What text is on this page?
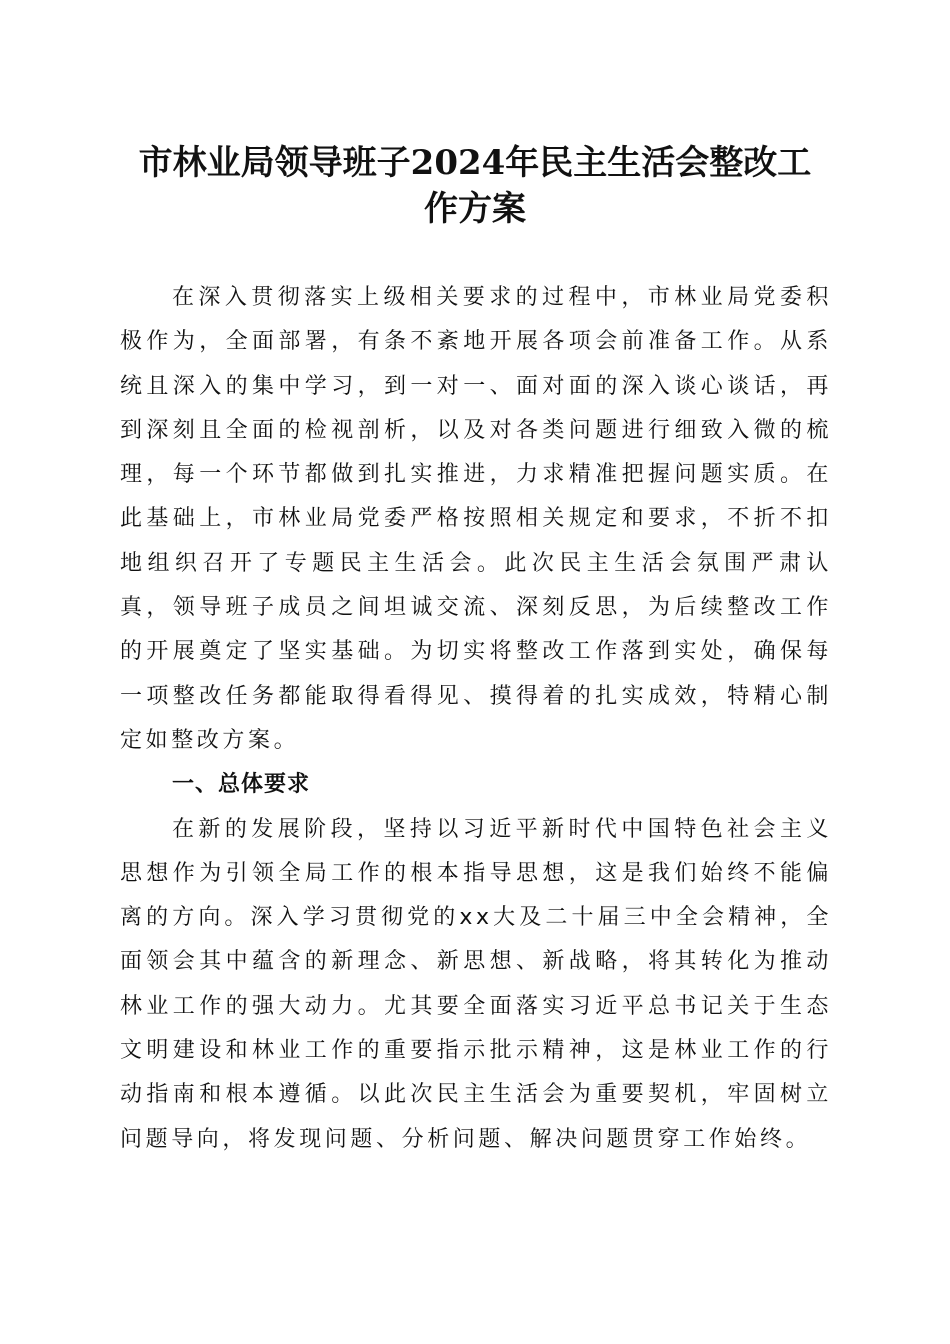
市林业局领导班子2024年民主生活会整改工
作方案

在深入贯彻落实上级相关要求的过程中，市林业局党委积极作为，全面部署，有条不紊地开展各项会前准备工作。从系统且深入的集中学习，到一对一、面对面的深入谈心谈话，再到深刻且全面的检视剖析，以及对各类问题进行细致入微的梳理，每一个环节都做到扎实推进，力求精准把握问题实质。在此基础上，市林业局党委严格按照相关规定和要求，不折不扣地组织召开了专题民主生活会。此次民主生活会氛围严肃认真，领导班子成员之间坦诚交流、深刻反思，为后续整改工作的开展奠定了坚实基础。为切实将整改工作落到实处，确保每一项整改任务都能取得看得见、摸得着的扎实成效，特精心制定如整改方案。

一、总体要求

在新的发展阶段，坚持以习近平新时代中国特色社会主义思想作为引领全局工作的根本指导思想，这是我们始终不能偏离的方向。深入学习贯彻党的xx大及二十届三中全会精神，全面领会其中蕴含的新理念、新思想、新战略，将其转化为推动林业工作的强大动力。尤其要全面落实习近平总书记关于生态文明建设和林业工作的重要指示批示精神，这是林业工作的行动指南和根本遵循。以此次民主生活会为重要契机，牢固树立问题导向，将发现问题、分析问题、解决问题贯穿工作始终。
